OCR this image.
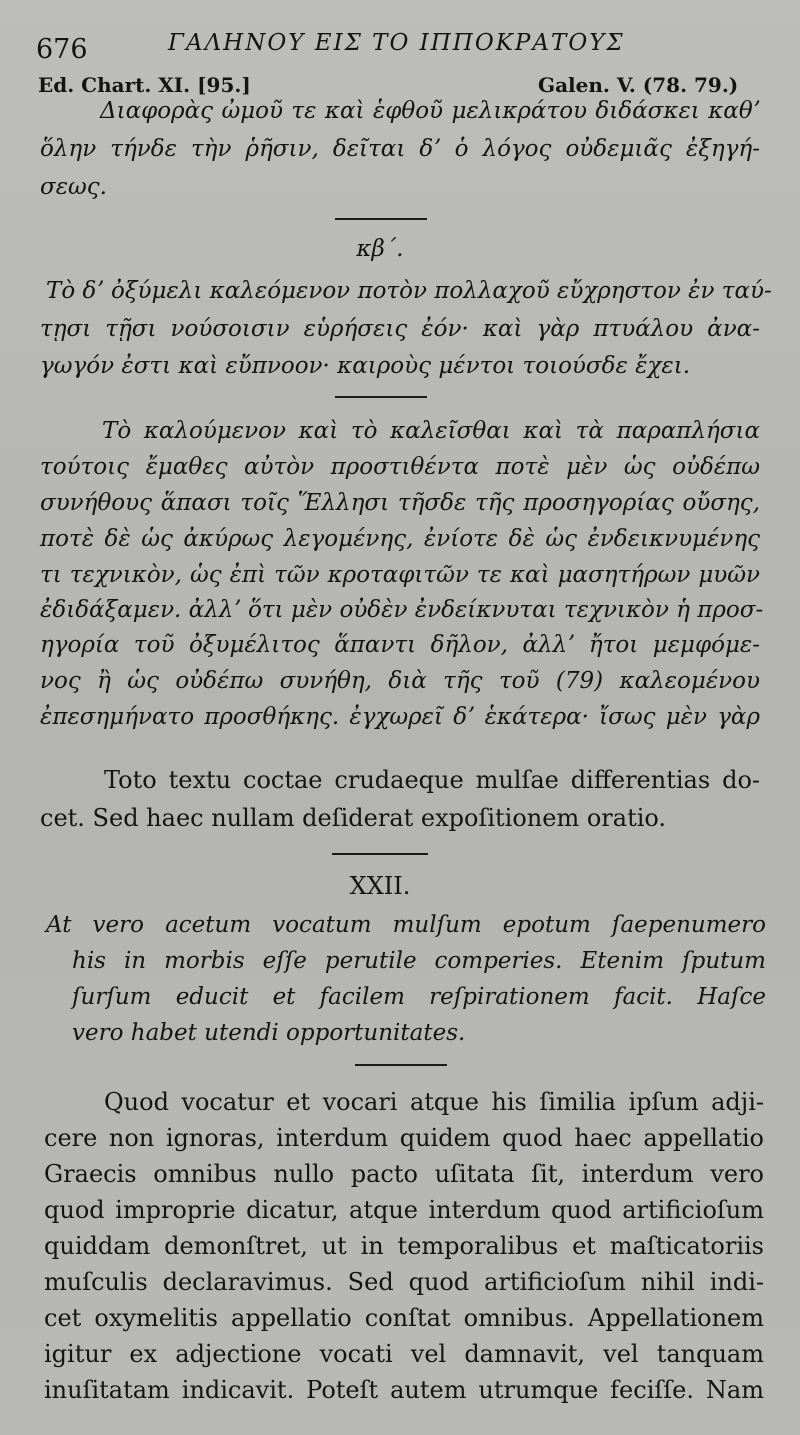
676	ΓΑΛΗΝΟΥ ΕΙΣ ΤΟ ΙΠΠΟΚΡΑΤΟΥΣ
Ed. Chart. XI. [95.]	Galen. V. (78. 79.)
Διαφορὰς ὠμοῦ τε καὶ ἑφθοῦ μελικράτου διδάσκει καθʼ
ὅλην τήνδε τὴν ῥῆσιν, δεῖται δʼ ὁ λόγος οὐδεμιᾶς ἐξηγή-
σεως.
κβ΄.
Τὸ δʼ ὀξύμελι καλεόμενον ποτὸν πολλαχοῦ εὔχρηστον ἐν ταύ-
τῃσι τῇσι νούσοισιν εὑρήσεις ἐόν· καὶ γὰρ πτυάλου ἀνα-
γωγόν ἐστι καὶ εὔπνοον· καιροὺς μέντοι τοιούσδε ἔχει.
Τὸ καλούμενον καὶ τὸ καλεῖσθαι καὶ τὰ παραπλήσια
τούτοις ἔμαθες αὐτὸν προστιθέντα ποτὲ μὲν ὡς οὐδέπω
συνήθους ἅπασι τοῖς Ἕλλησι τῆσδε τῆς προσηγορίας οὔσης,
ποτὲ δὲ ὡς ἀκύρως λεγομένης, ἐνίοτε δὲ ὡς ἐνδεικνυμένης
τι τεχνικὸν, ὡς ἐπὶ τῶν κροταφιτῶν τε καὶ μασητήρων μυῶν
ἐδιδάξαμεν. ἀλλʼ ὅτι μὲν οὐδὲν ἐνδείκνυται τεχνικὸν ἡ προσ-
ηγορία τοῦ ὀξυμέλιτος ἅπαντι δῆλον, ἀλλʼ ἤτοι μεμφόμε-
νος ἢ ὡς οὐδέπω συνήθη, διὰ τῆς τοῦ (79) καλεομένου
ἐπεσημήνατο προσθήκης. ἐγχωρεῖ δʼ ἑκάτερα· ἴσως μὲν γὰρ
Toto textu coctae crudaeque mulſae differentias do-
cet. Sed haec nullam deſiderat expoſitionem oratio.
XXII.
At vero acetum vocatum mulſum epotum ſaepenumero
his in morbis eſſe perutile comperies. Etenim ſputum
ſurſum educit et facilem reſpirationem facit. Haſce
vero habet utendi opportunitates.
Quod vocatur et vocari atque his ſimilia ipſum adji-
cere non ignoras, interdum quidem quod haec appellatio
Graecis omnibus nullo pacto uſitata ſit, interdum vero
quod improprie dicatur, atque interdum quod artificioſum
quiddam demonſtret, ut in temporalibus et maſticatoriis
muſculis declaravimus. Sed quod artificioſum nihil indi-
cet oxymelitis appellatio conſtat omnibus. Appellationem
igitur ex adjectione vocati vel damnavit, vel tanquam
inuſitatam indicavit. Poteſt autem utrumque feciſſe. Nam
